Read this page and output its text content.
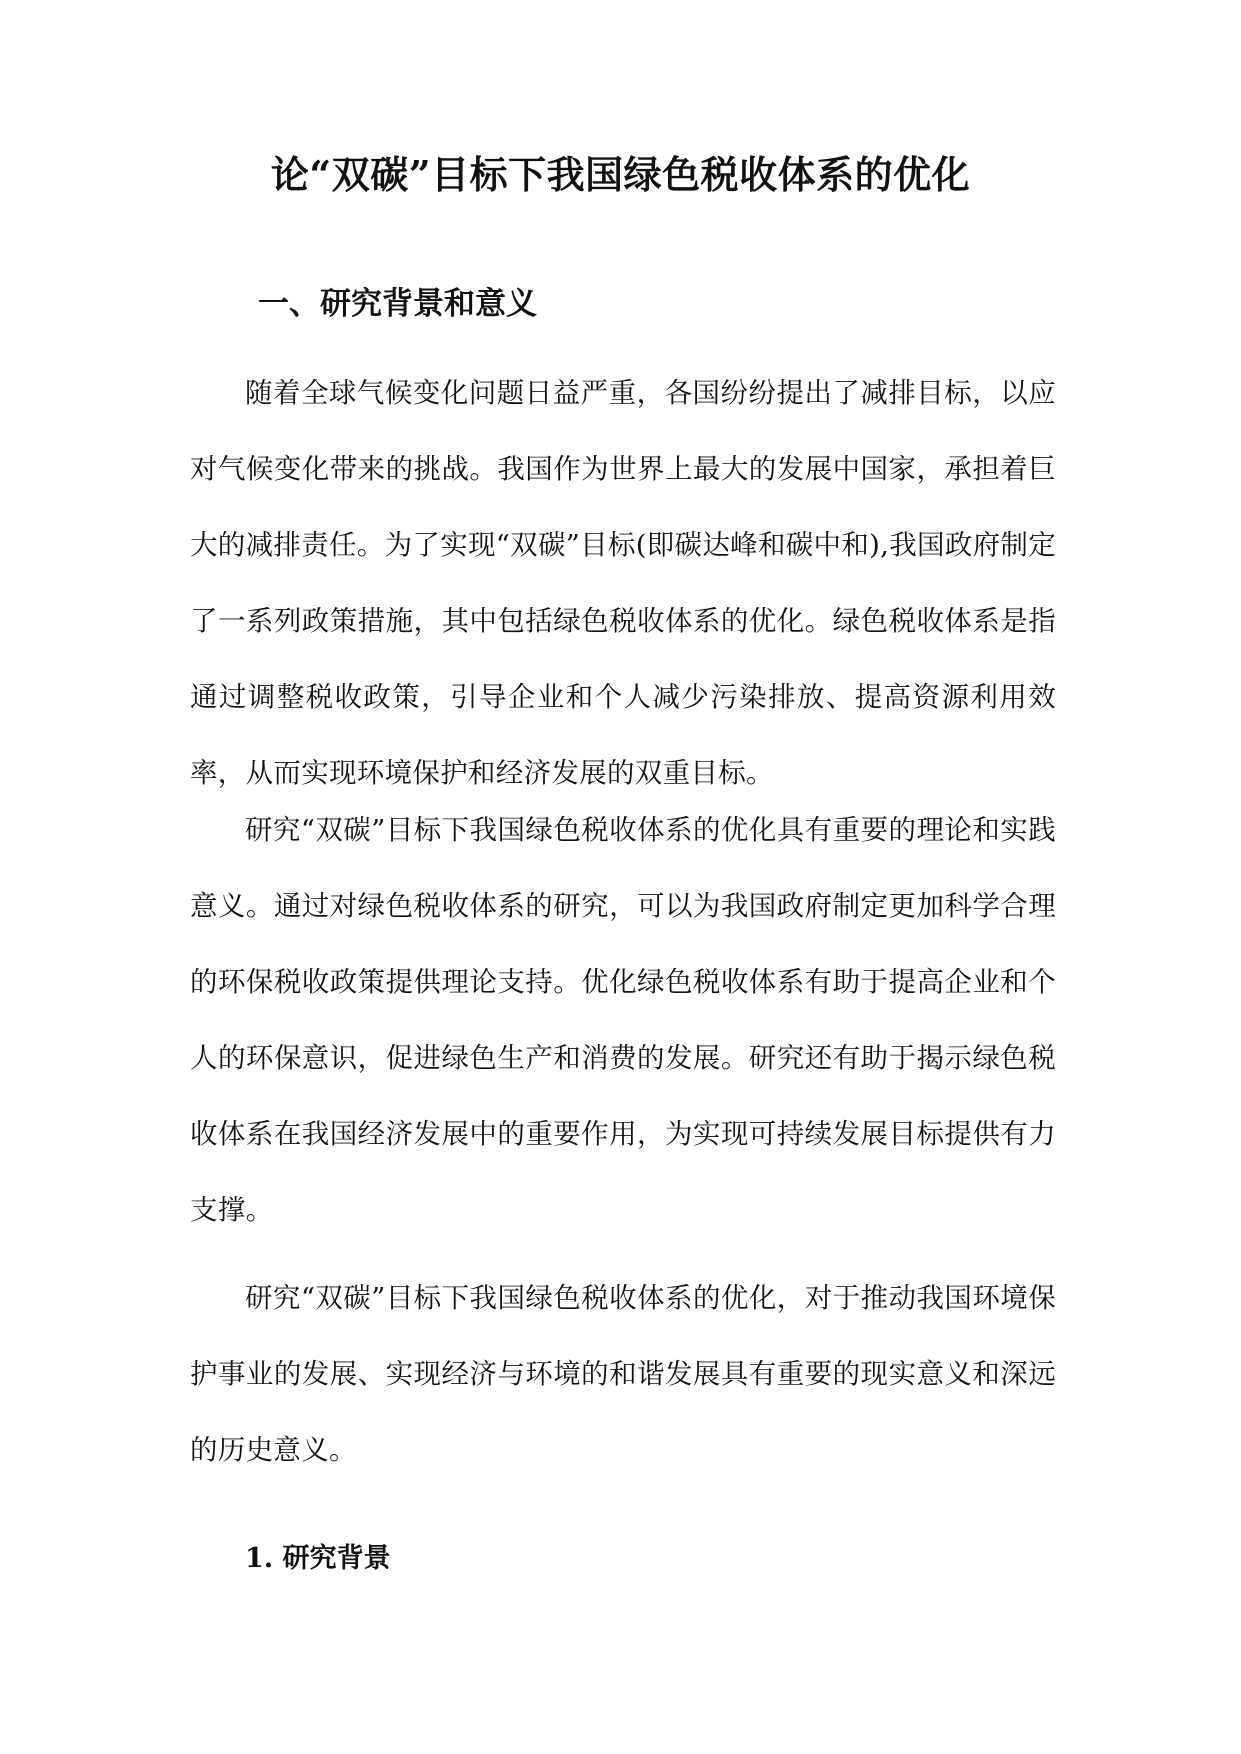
论“双碳”目标下我国绿色税收体系的优化
一、研究背景和意义

随着全球气候变化问题日益严重，各国纷纷提出了减排目标，以应对气候变化带来的挑战。我国作为世界上最大的发展中国家，承担着巨大的减排责任。为了实现“双碳”目标(即碳达峰和碳中和),我国政府制定了一系列政策措施，其中包括绿色税收体系的优化。绿色税收体系是指通过调整税收政策，引导企业和个人减少污染排放、提高资源利用效率，从而实现环境保护和经济发展的双重目标。

研究“双碳”目标下我国绿色税收体系的优化具有重要的理论和实践意义。通过对绿色税收体系的研究，可以为我国政府制定更加科学合理的环保税收政策提供理论支持。优化绿色税收体系有助于提高企业和个人的环保意识，促进绿色生产和消费的发展。研究还有助于揭示绿色税收体系在我国经济发展中的重要作用，为实现可持续发展目标提供有力支撑。

研究“双碳”目标下我国绿色税收体系的优化，对于推动我国环境保护事业的发展、实现经济与环境的和谐发展具有重要的现实意义和深远的历史意义。

1. 研究背景
